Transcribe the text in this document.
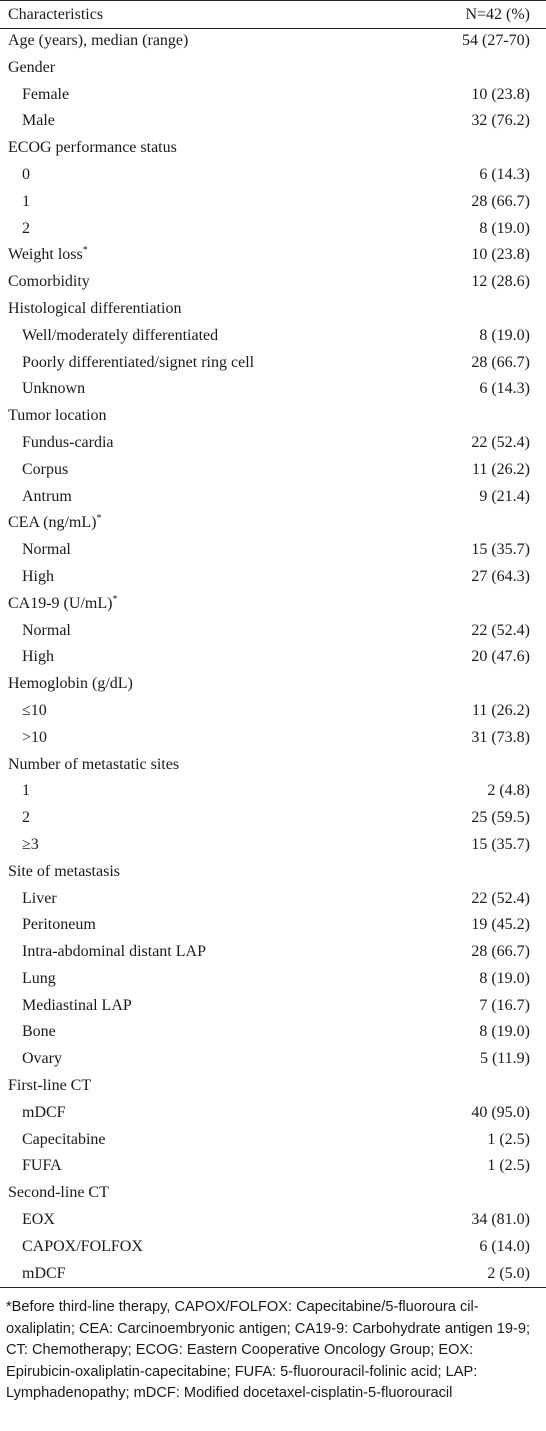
Characteristics	N=42 (%)
Age (years), median (range)	54 (27-70)
Gender
Female	10 (23.8)
Male	32 (76.2)
ECOG performance status
0	6 (14.3)
1	28 (66.7)
2	8 (19.0)
Weight loss*	10 (23.8)
Comorbidity	12 (28.6)
Histological differentiation
Well/moderately differentiated	8 (19.0)
Poorly differentiated/signet ring cell	28 (66.7)
Unknown	6 (14.3)
Tumor location
Fundus-cardia	22 (52.4)
Corpus	11 (26.2)
Antrum	9 (21.4)
CEA (ng/mL)*
Normal	15 (35.7)
High	27 (64.3)
CA19-9 (U/mL)*
Normal	22 (52.4)
High	20 (47.6)
Hemoglobin (g/dL)
≤10	11 (26.2)
>10	31 (73.8)
Number of metastatic sites
1	2 (4.8)
2	25 (59.5)
≥3	15 (35.7)
Site of metastasis
Liver	22 (52.4)
Peritoneum	19 (45.2)
Intra-abdominal distant LAP	28 (66.7)
Lung	8 (19.0)
Mediastinal LAP	7 (16.7)
Bone	8 (19.0)
Ovary	5 (11.9)
First-line CT
mDCF	40 (95.0)
Capecitabine	1 (2.5)
FUFA	1 (2.5)
Second-line CT
EOX	34 (81.0)
CAPOX/FOLFOX	6 (14.0)
mDCF	2 (5.0)
*Before third-line therapy, CAPOX/FOLFOX: Capecitabine/5-fluoroura cil-oxaliplatin; CEA: Carcinoembryonic antigen; CA19-9: Carbohydrate antigen 19-9; CT: Chemotherapy; ECOG: Eastern Cooperative Oncology Group; EOX: Epirubicin-oxaliplatin-capecitabine; FUFA: 5-fluorouracil-folinic acid; LAP: Lymphadenopathy; mDCF: Modified docetaxel-cisplatin-5-fluorouracil
